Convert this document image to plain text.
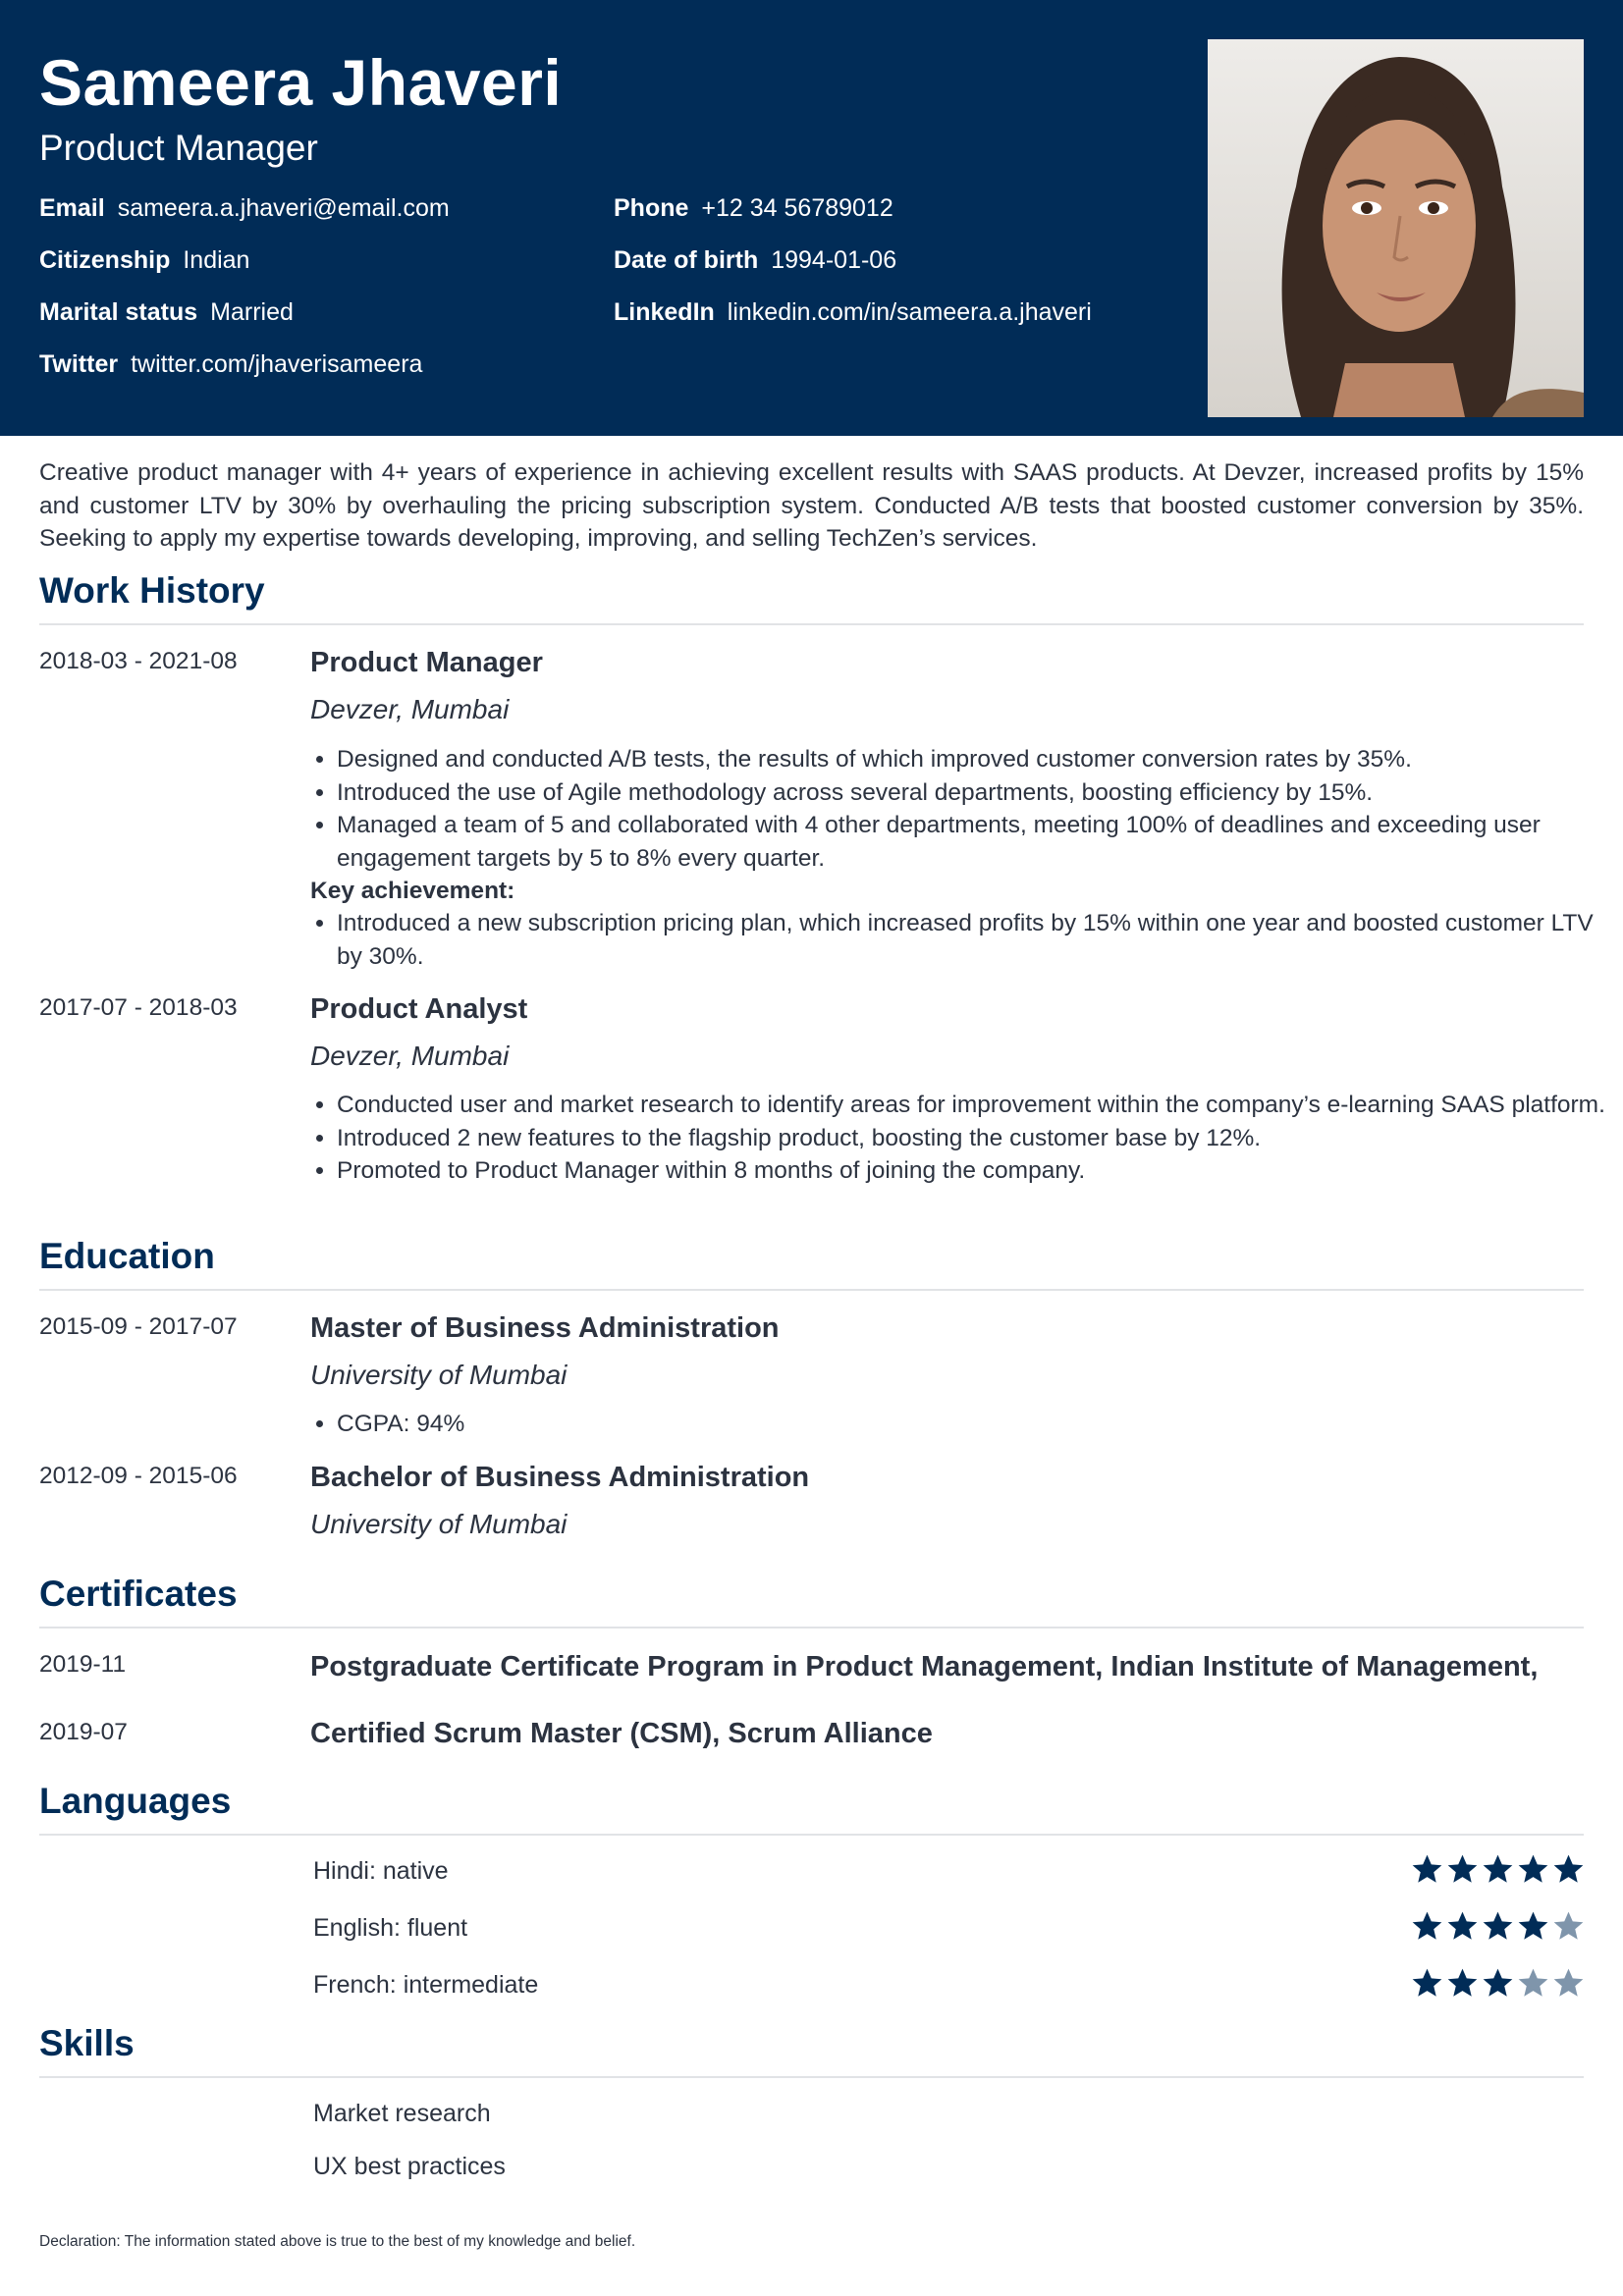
Sameera Jhaveri
Product Manager
Email sameera.a.jhaveri@email.com	Phone +12 34 56789012
Citizenship Indian	Date of birth 1994-01-06
Marital status Married	LinkedIn linkedin.com/in/sameera.a.jhaveri
Twitter twitter.com/jhaverisameera
Creative product manager with 4+ years of experience in achieving excellent results with SAAS products. At Devzer, increased profits by 15% and customer LTV by 30% by overhauling the pricing subscription system. Conducted A/B tests that boosted customer conversion by 35%. Seeking to apply my expertise towards developing, improving, and selling TechZen’s services.
Work History
2018-03 - 2021-08	Product Manager
Devzer, Mumbai
• Designed and conducted A/B tests, the results of which improved customer conversion rates by 35%.
• Introduced the use of Agile methodology across several departments, boosting efficiency by 15%.
• Managed a team of 5 and collaborated with 4 other departments, meeting 100% of deadlines and exceeding user engagement targets by 5 to 8% every quarter.
Key achievement:
• Introduced a new subscription pricing plan, which increased profits by 15% within one year and boosted customer LTV by 30%.
2017-07 - 2018-03	Product Analyst
Devzer, Mumbai
• Conducted user and market research to identify areas for improvement within the company’s e-learning SAAS platform.
• Introduced 2 new features to the flagship product, boosting the customer base by 12%.
• Promoted to Product Manager within 8 months of joining the company.
Education
2015-09 - 2017-07	Master of Business Administration
University of Mumbai
• CGPA: 94%
2012-09 - 2015-06	Bachelor of Business Administration
University of Mumbai
Certificates
2019-11	Postgraduate Certificate Program in Product Management, Indian Institute of Management,
2019-07	Certified Scrum Master (CSM), Scrum Alliance
Languages
Hindi: native
English: fluent
French: intermediate
Skills
Market research
UX best practices
Declaration: The information stated above is true to the best of my knowledge and belief.
